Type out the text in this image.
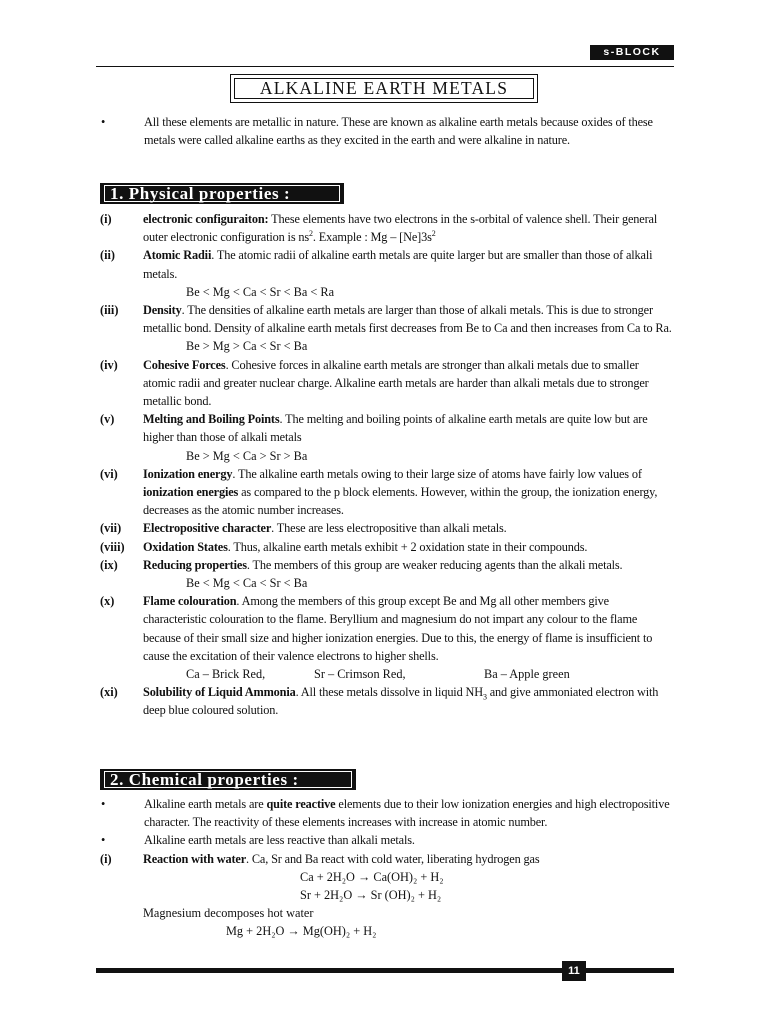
s-BLOCK
ALKALINE EARTH METALS
•	All these elements are metallic in nature. These are known as alkaline earth metals because oxides of these metals were called alkaline earths as they excited in the earth and were alkaline in nature.
1. Physical properties :
(i)	electronic configuraiton: These elements have two electrons in the s-orbital of valence shell. Their general outer electronic configuration is $ns^2$. Example : Mg – $[Ne]3s^2$
(ii)	Atomic Radii. The atomic radii of alkaline earth metals are quite larger but are smaller than those of alkali metals.
Be < Mg < Ca < Sr < Ba < Ra
(iii)	Density. The densities of alkaline earth metals are larger than those of alkali metals. This is due to stronger metallic bond. Density of alkaline earth metals first decreases from Be to Ca and then increases from Ca to Ra.
Be > Mg > Ca < Sr < Ba
(iv)	Cohesive Forces. Cohesive forces in alkaline earth metals are stronger than alkali metals due to smaller atomic radii and greater nuclear charge. Alkaline earth metals are harder than alkali metals due to stronger metallic bond.
(v)	Melting and Boiling Points. The melting and boiling points of alkaline earth metals are quite low but are higher than those of alkali metals
Be > Mg < Ca > Sr > Ba
(vi)	Ionization energy. The alkaline earth metals owing to their large size of atoms have fairly low values of ionization energies as compared to the p block elements. However, within the group, the ionization energy, decreases as the atomic number increases.
(vii)	Electropositive character. These are less electropositive than alkali metals.
(viii)	Oxidation States. Thus, alkaline earth metals exhibit + 2 oxidation state in their compounds.
(ix)	Reducing properties. The members of this group are weaker reducing agents than the alkali metals.
Be < Mg < Ca < Sr < Ba
(x)	Flame colouration. Among the members of this group except Be and Mg all other members give characteristic colouration to the flame. Beryllium and magnesium do not impart any colour to the flame because of their small size and higher ionization energies. Due to this, the energy of flame is insufficient to cause the excitation of their valence electrons to higher shells.
Ca – Brick Red,	Sr – Crimson Red,	Ba – Apple green
(xi)	Solubility of Liquid Ammonia. All these metals dissolve in liquid $NH_3$ and give ammoniated electron with deep blue coloured solution.
2. Chemical properties :
•	Alkaline earth metals are quite reactive elements due to their low ionization energies and high electropositive character. The reactivity of these elements increases with increase in atomic number.
•	Alkaline earth metals are less reactive than alkali metals.
(i)	Reaction with water. Ca, Sr and Ba react with cold water, liberating hydrogen gas
Ca + 2H₂O → Ca(OH)₂ + H₂
Sr + 2H₂O → Sr (OH)₂ + H₂
Magnesium decomposes hot water
Mg + 2H₂O → Mg(OH)₂ + H₂
11
